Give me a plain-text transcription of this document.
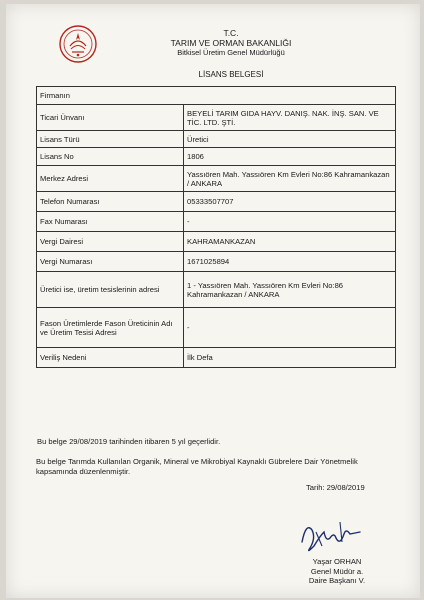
T.C.
TARIM VE ORMAN BAKANLIĞI
Bitkisel Üretim Genel Müdürlüğü
LİSANS BELGESİ
Firmanın	
Ticari Ünvanı	BEYELİ TARIM GIDA HAYV. DANIŞ. NAK. İNŞ. SAN. VE TİC. LTD. ŞTİ.
Lisans Türü	Üretici
Lisans No	1806
Merkez Adresi	Yassıören Mah. Yassıören Km Evleri No:86 Kahramankazan / ANKARA
Telefon Numarası	05333507707
Fax Numarası	-
Vergi Dairesi	KAHRAMANKAZAN
Vergi Numarası	1671025894
Üretici ise, üretim tesislerinin adresi	1 - Yassıören Mah. Yassıören Km Evleri No:86 Kahramankazan / ANKARA
Fason Üretimlerde Fason Üreticinin Adı ve Üretim Tesisi Adresi	-
Veriliş Nedeni	İlk Defa
Bu belge 29/08/2019 tarihinden itibaren 5 yıl geçerlidir.
Bu belge Tarımda Kullanılan Organik, Mineral ve Mikrobiyal Kaynaklı Gübrelere Dair Yönetmelik kapsamında düzenlenmiştir.
Tarih: 29/08/2019
Yaşar ORHAN
Genel Müdür a.
Daire Başkanı V.
